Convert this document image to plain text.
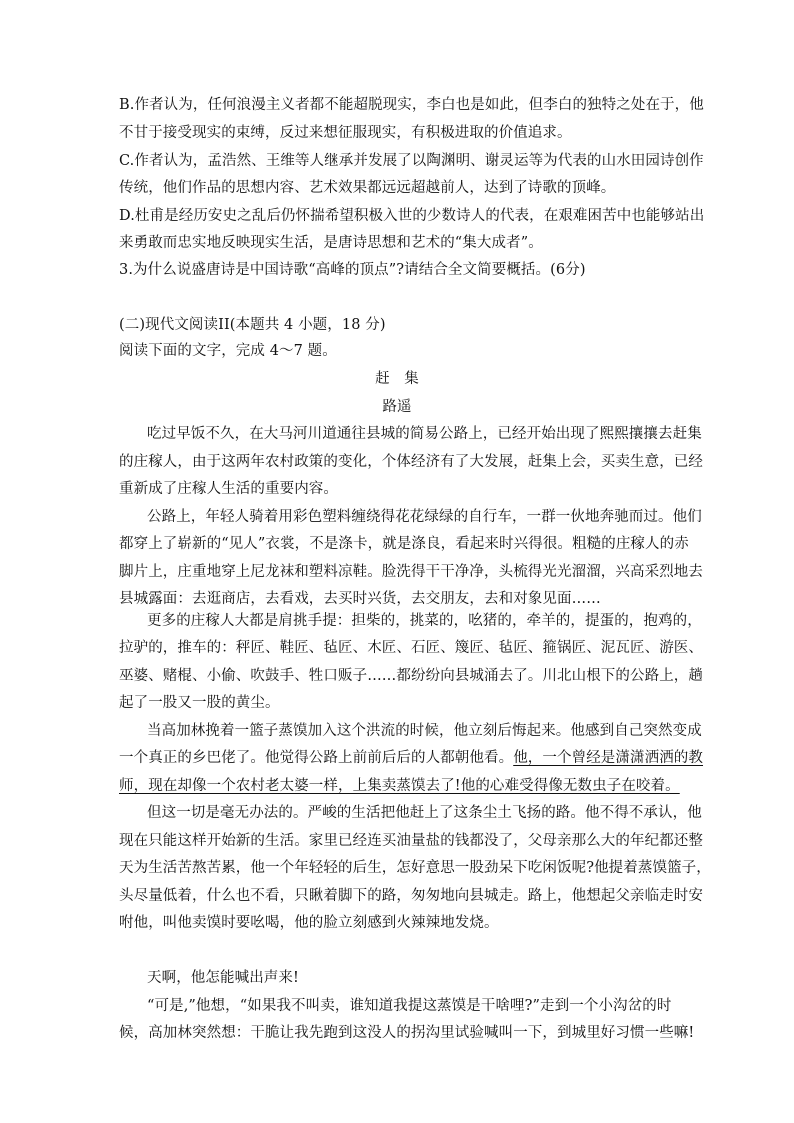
B.作者认为，任何浪漫主义者都不能超脱现实，李白也是如此，但李白的独特之处在于，他
不甘于接受现实的束缚，反过来想征服现实，有积极进取的价值追求。
C.作者认为，孟浩然、王维等人继承并发展了以陶渊明、谢灵运等为代表的山水田园诗创作
传统，他们作品的思想内容、艺术效果都远远超越前人，达到了诗歌的顶峰。
D.杜甫是经历安史之乱后仍怀揣希望积极入世的少数诗人的代表，在艰难困苦中也能够站出
来勇敢而忠实地反映现实生活，是唐诗思想和艺术的“集大成者”。
3.为什么说盛唐诗是中国诗歌“高峰的顶点”?请结合全文简要概括。(6分)
(二)现代文阅读II(本题共 4 小题，18 分)
阅读下面的文字，完成 4～7 题。
赶　集
路遥
吃过早饭不久，在大马河川道通往县城的简易公路上，已经开始出现了熙熙攘攘去赶集
的庄稼人，由于这两年农村政策的变化，个体经济有了大发展，赶集上会，买卖生意，已经
重新成了庄稼人生活的重要内容。
公路上，年轻人骑着用彩色塑料缠绕得花花绿绿的自行车，一群一伙地奔驰而过。他们
都穿上了崭新的“见人”衣裳，不是涤卡，就是涤良，看起来时兴得很。粗糙的庄稼人的赤
脚片上，庄重地穿上尼龙袜和塑料凉鞋。脸洗得干干净净，头梳得光光溜溜，兴高采烈地去
县城露面：去逛商店，去看戏，去买时兴货，去交朋友，去和对象见面……
更多的庄稼人大都是肩挑手提：担柴的，挑菜的，吆猪的，牵羊的，提蛋的，抱鸡的，
拉驴的，推车的：秤匠、鞋匠、毡匠、木匠、石匠、篾匠、毡匠、箍锅匠、泥瓦匠、游医、
巫婆、赌棍、小偷、吹鼓手、牲口贩子……都纷纷向县城涌去了。川北山根下的公路上，趟
起了一股又一股的黄尘。
当高加林挽着一篮子蒸馍加入这个洪流的时候，他立刻后悔起来。他感到自己突然变成
一个真正的乡巴佬了。他觉得公路上前前后后的人都朝他看。他，一个曾经是潇潇洒洒的教
师，现在却像一个农村老太婆一样，上集卖蒸馍去了!他的心难受得像无数虫子在咬着。
但这一切是毫无办法的。严峻的生活把他赶上了这条尘土飞扬的路。他不得不承认，他
现在只能这样开始新的生活。家里已经连买油量盐的钱都没了，父母亲那么大的年纪都还整
天为生活苦熬苦累，他一个年轻轻的后生，怎好意思一股劲呆下吃闲饭呢?他提着蒸馍篮子，
头尽量低着，什么也不看，只瞅着脚下的路，匆匆地向县城走。路上，他想起父亲临走时安
咐他，叫他卖馍时要吆喝，他的脸立刻感到火辣辣地发烧。
天啊，他怎能喊出声来!
“可是,”他想，“如果我不叫卖，谁知道我提这蒸馍是干啥哩?”走到一个小沟岔的时
候，高加林突然想：干脆让我先跑到这没人的拐沟里试验喊叫一下，到城里好习惯一些嘛!
